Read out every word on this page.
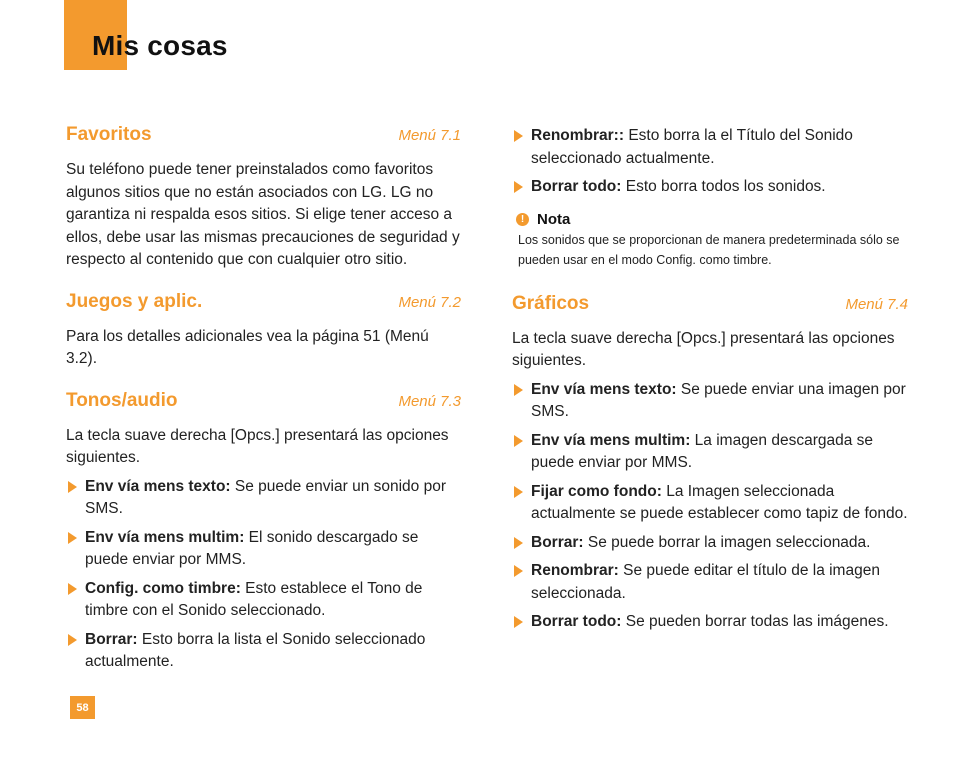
Mis cosas
Favoritos	Menú 7.1

Su teléfono puede tener preinstalados como favoritos algunos sitios que no están asociados con LG. LG no garantiza ni respalda esos sitios. Si elige tener acceso a ellos, debe usar las mismas precauciones de seguridad y respecto al contenido que con cualquier otro sitio.

Juegos y aplic.	Menú 7.2

Para los detalles adicionales vea la página 51 (Menú 3.2).

Tonos/audio	Menú 7.3

La tecla suave derecha [Opcs.] presentará las opciones siguientes.

Env vía mens texto: Se puede enviar un sonido por SMS.
Env vía mens multim: El sonido descargado se puede enviar por MMS.
Config. como timbre: Esto establece el Tono de timbre con el Sonido seleccionado.
Borrar: Esto borra la lista el Sonido seleccionado actualmente.
Renombrar:: Esto borra la el Título del Sonido seleccionado actualmente.
Borrar todo: Esto borra todos los sonidos.
! Nota

Los sonidos que se proporcionan de manera predeterminada sólo se pueden usar en el modo Config. como timbre.

Gráficos	Menú 7.4

La tecla suave derecha [Opcs.] presentará las opciones siguientes.

Env vía mens texto: Se puede enviar una imagen por SMS.
Env vía mens multim: La imagen descargada se puede enviar por MMS.
Fijar como fondo: La Imagen seleccionada actualmente se puede establecer como tapiz de fondo.
Borrar: Se puede borrar la imagen seleccionada.
Renombrar: Se puede editar el título de la imagen seleccionada.
Borrar todo: Se pueden borrar todas las imágenes.
58
